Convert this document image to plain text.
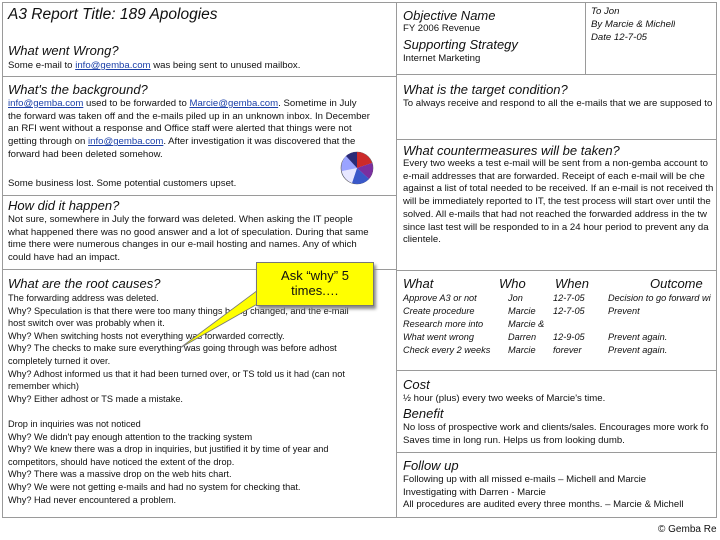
A3 Report Title: 189 Apologies
What went Wrong?
Some e-mail to info@gemba.com was being sent to unused mailbox.
What's the background?
info@gemba.com used to be forwarded to Marcie@gemba.com. Sometime in July
the forward was taken off and the e-mails piled up in an unknown inbox. In December
an RFI went without a response and Office staff were alerted that things were not
getting through on info@gemba.com. After investigation it was discovered that the
forward had been deleted somehow.

Some business lost. Some potential customers upset.
How did it happen?
Not sure, somewhere in July the forward was deleted. When asking the IT people
what happened there was no good answer and a lot of speculation. During that same
time there were numerous changes in our e-mail hosting and names. Any of which
could have had an impact.
What are the root causes?
The forwarding address was deleted.
Why? Speculation is that there were too many things being changed, and the e-mail
host switch over was probably when it.
Why? When switching hosts not everything was forwarded correctly.
Why? The checks to make sure everything was going through was before adhost
completely turned it over.
Why? Adhost informed us that it had been turned over, or TS told us it had (can not
remember which)
Why? Either adhost or TS made a mistake.

Drop in inquiries was not noticed
Why? We didn't pay enough attention to the tracking system
Why? We knew there was a drop in inquiries, but justified it by time of year and
competitors, should have noticed the extent of the drop.
Why? There was a massive drop on the web hits chart.
Why? We were not getting e-mails and had no system for checking that.
Why? Had never encountered a problem.
Ask “why” 5 times.…
Objective Name
FY 2006 Revenue
Supporting Strategy
Internet Marketing
To Jon
By Marcie & Michell
Date 12-7-05
What is the target condition?
To always receive and respond to all the e-mails that we are supposed to
What countermeasures will be taken?
Every two weeks a test e-mail will be sent from a non-gemba account to
e-mail addresses that are forwarded. Receipt of each e-mail will be che
against a list of total needed to be received. If an e-mail is not received th
will be immediately reported to IT, the test process will start over until the
solved. All e-mails that had not reached the forwarded address in the tw
since last test will be responded to in a 24 hour period to prevent any da
clientele.
What	Who When	Outcome
Approve A3 or not	Jon	12-7-05	Decision to go forward wi
Create procedure	Marcie 12-7-05	Prevent
Research more into	Marcie &
What went wrong	Darren 12-9-05	Prevent again.
Check every 2 weeks Marcie forever	Prevent again.
Cost
½ hour (plus) every two weeks of Marcie's time.
Benefit
No loss of prospective work and clients/sales. Encourages more work fo
Saves time in long run. Helps us from looking dumb.
Follow up
Following up with all missed e-mails – Michell and Marcie
Investigating with Darren - Marcie
All procedures are audited every three months. – Marcie & Michell
© Gemba Re
